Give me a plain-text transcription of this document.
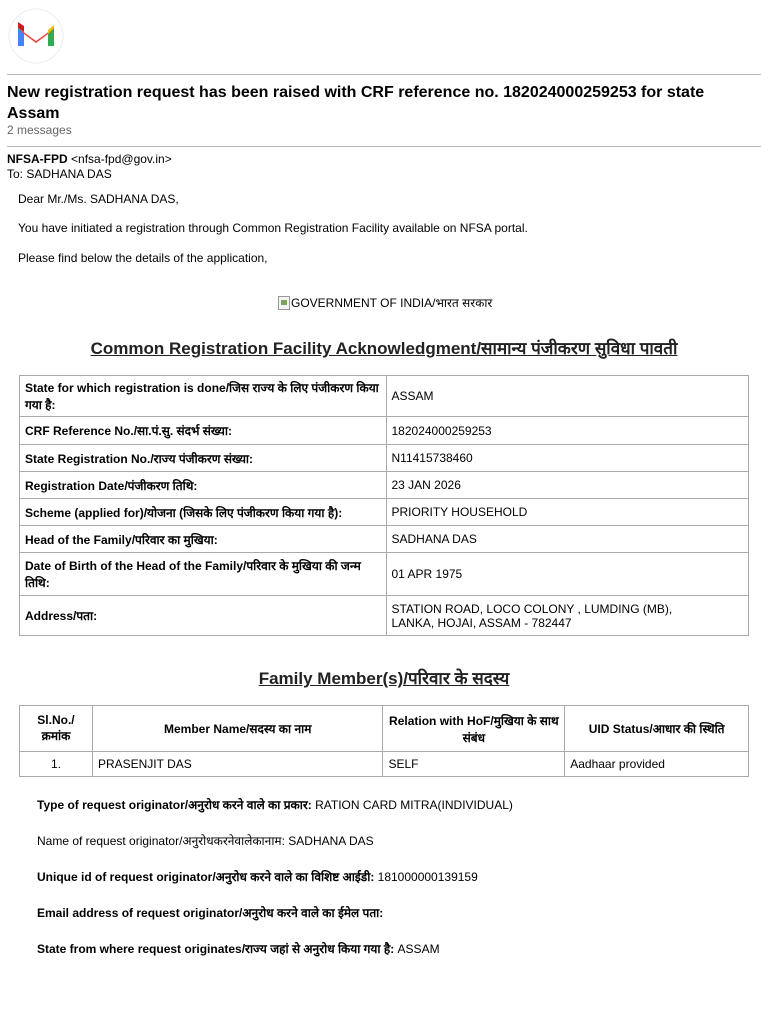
New registration request has been raised with CRF reference no. 182024000259253 for state Assam
2 messages
NFSA-FPD <nfsa-fpd@gov.in>
To: SADHANA DAS
Dear Mr./Ms. SADHANA DAS,
You have initiated a registration through Common Registration Facility available on NFSA portal.
Please find below the details of the application,
GOVERNMENT OF INDIA/भारत सरकार
Common Registration Facility Acknowledgment/सामान्य पंजीकरण सुविधा पावती
State for which registration is done/जिस राज्य के लिए पंजीकरण किया गया है:	ASSAM
CRF Reference No./सा.पं.सु. संदर्भ संख्या:	182024000259253
State Registration No./राज्य पंजीकरण संख्या:	N11415738460
Registration Date/पंजीकरण तिथि:	23 JAN 2026
Scheme (applied for)/योजना (जिसके लिए पंजीकरण किया गया है):	PRIORITY HOUSEHOLD
Head of the Family/परिवार का मुखिया:	SADHANA DAS
Date of Birth of the Head of the Family/परिवार के मुखिया की जन्म तिथि:	01 APR 1975
Address/पता:	STATION ROAD, LOCO COLONY , LUMDING (MB),
LANKA, HOJAI, ASSAM - 782447
Family Member(s)/परिवार के सदस्य
Sl.No./ क्रमांक	Member Name/सदस्य का नाम	Relation with HoF/मुखिया के साथ संबंध	UID Status/आधार की स्थिति
1.	PRASENJIT DAS	SELF	Aadhaar provided
Type of request originator/अनुरोध करने वाले का प्रकार: RATION CARD MITRA(INDIVIDUAL)
Name of request originator/अनुरोधकरनेवालेकानाम: SADHANA DAS
Unique id of request originator/अनुरोध करने वाले का विशिष्ट आईडी: 181000000139159
Email address of request originator/अनुरोध करने वाले का ईमेल पता:
State from where request originates/राज्य जहां से अनुरोध किया गया है: ASSAM
